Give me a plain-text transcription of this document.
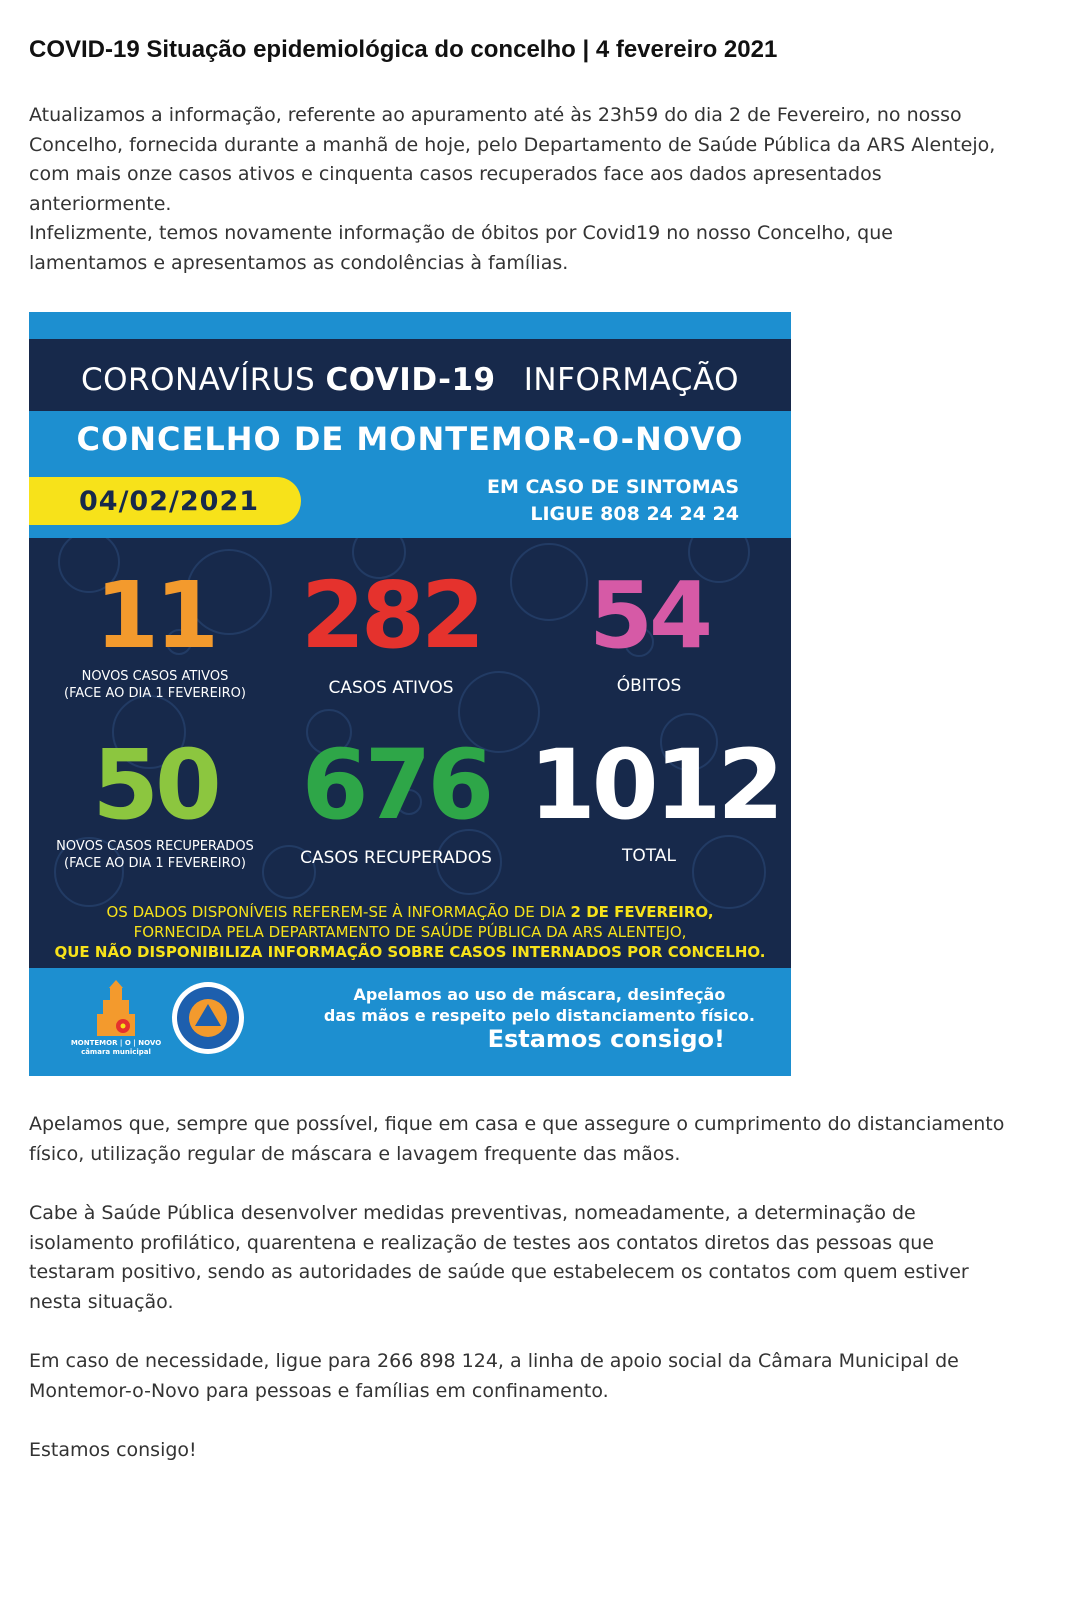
COVID-19 Situação epidemiológica do concelho | 4 fevereiro 2021

Atualizamos a informação, referente ao apuramento até às 23h59 do dia 2 de Fevereiro, no nosso

Concelho, fornecida durante a manhã de hoje, pelo Departamento de Saúde Pública da ARS Alentejo,

com mais onze casos ativos e cinquenta casos recuperados face aos dados apresentados

anteriormente.

Infelizmente, temos novamente informação de óbitos por Covid19 no nosso Concelho, que

lamentamos e apresentamos as condolências à famílias.

CORONAVÍRUS COVID-19 INFORMAÇÃO
CONCELHO DE MONTEMOR-O-NOVO
04/02/2021	EM CASO DE SINTOMAS
LIGUE 808 24 24 24
11
NOVOS CASOS ATIVOS
(FACE AO DIA 1 FEVEREIRO)
282
CASOS ATIVOS
54
ÓBITOS
50
NOVOS CASOS RECUPERADOS
(FACE AO DIA 1 FEVEREIRO)
676
CASOS RECUPERADOS
1012
TOTAL
OS DADOS DISPONÍVEIS REFEREM-SE À INFORMAÇÃO DE DIA 2 DE FEVEREIRO,
FORNECIDA PELA DEPARTAMENTO DE SAÚDE PÚBLICA DA ARS ALENTEJO,
QUE NÃO DISPONIBILIZA INFORMAÇÃO SOBRE CASOS INTERNADOS POR CONCELHO.
MONTEMOR | O | NOVO
câmara municipal
Apelamos ao uso de máscara, desinfeção
das mãos e respeito pelo distanciamento físico.
Estamos consigo!

Apelamos que, sempre que possível, fique em casa e que assegure o cumprimento do distanciamento

físico, utilização regular de máscara e lavagem frequente das mãos.

Cabe à Saúde Pública desenvolver medidas preventivas, nomeadamente, a determinação de

isolamento profilático, quarentena e realização de testes aos contatos diretos das pessoas que

testaram positivo, sendo as autoridades de saúde que estabelecem os contatos com quem estiver

nesta situação.

Em caso de necessidade, ligue para 266 898 124, a linha de apoio social da Câmara Municipal de

Montemor-o-Novo para pessoas e famílias em confinamento.

Estamos consigo!
